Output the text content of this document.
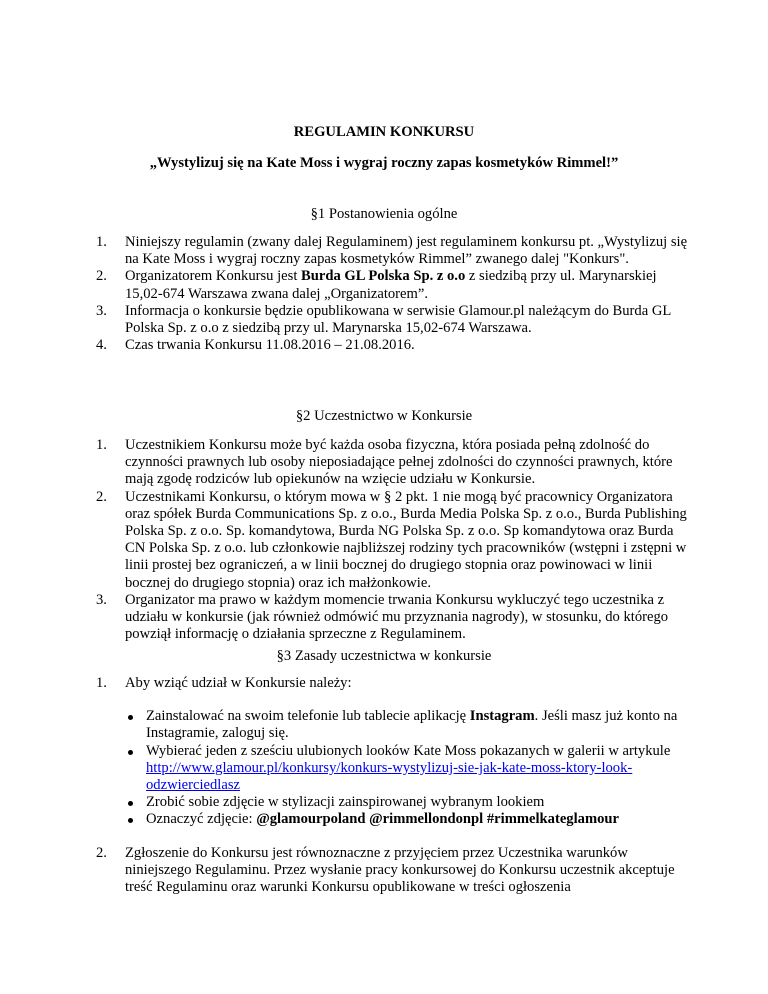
REGULAMIN KONKURSU
„Wystylizuj się na Kate Moss i wygraj roczny zapas kosmetyków Rimmel!”
§1 Postanowienia ogólne
1. Niniejszy regulamin (zwany dalej Regulaminem) jest regulaminem konkursu pt. „Wystylizuj się na Kate Moss i wygraj roczny zapas kosmetyków Rimmel” zwanego dalej "Konkurs".
2. Organizatorem Konkursu jest Burda GL Polska Sp. z o.o z siedzibą przy ul. Marynarskiej 15,02-674 Warszawa zwana dalej „Organizatorem”.
3. Informacja o konkursie będzie opublikowana w serwisie Glamour.pl należącym do Burda GL Polska Sp. z o.o z siedzibą przy ul. Marynarska 15,02-674 Warszawa.
4. Czas trwania Konkursu 11.08.2016 – 21.08.2016.
§2 Uczestnictwo w Konkursie
1. Uczestnikiem Konkursu może być każda osoba fizyczna, która posiada pełną zdolność do czynności prawnych lub osoby nieposiadające pełnej zdolności do czynności prawnych, które mają zgodę rodziców lub opiekunów na wzięcie udziału w Konkursie.
2. Uczestnikami Konkursu, o którym mowa w § 2 pkt. 1 nie mogą być pracownicy Organizatora oraz spółek Burda Communications Sp. z o.o., Burda Media Polska Sp. z o.o., Burda Publishing Polska Sp. z o.o. Sp. komandytowa, Burda NG Polska Sp. z o.o. Sp komandytowa oraz Burda CN Polska Sp. z o.o. lub członkowie najbliższej rodziny tych pracowników (wstępni i zstępni w linii prostej bez ograniczeń, a w linii bocznej do drugiego stopnia oraz powinowaci w linii bocznej do drugiego stopnia) oraz ich małżonkowie.
3. Organizator ma prawo w każdym momencie trwania Konkursu wykluczyć tego uczestnika z udziału w konkursie (jak również odmówić mu przyznania nagrody), w stosunku, do którego powziął informację o działania sprzeczne z Regulaminem.
§3 Zasady uczestnictwa w konkursie
1. Aby wziąć udział w Konkursie należy:
Zainstalować na swoim telefonie lub tablecie aplikację Instagram. Jeśli masz już konto na Instagramie, zaloguj się.
Wybierać jeden z sześciu ulubionych looków Kate Moss pokazanych w galerii w artykule http://www.glamour.pl/konkursy/konkurs-wystylizuj-sie-jak-kate-moss-ktory-look-odzwierciedlasz
Zrobić sobie zdjęcie w stylizacji zainspirowanej wybranym lookiem
Oznaczyć zdjęcie: @glamourpoland @rimmellondonpl #rimmelkateglamour
2. Zgłoszenie do Konkursu jest równoznaczne z przyjęciem przez Uczestnika warunków niniejszego Regulaminu. Przez wysłanie pracy konkursowej do Konkursu uczestnik akceptuje treść Regulaminu oraz warunki Konkursu opublikowane w treści ogłoszenia
